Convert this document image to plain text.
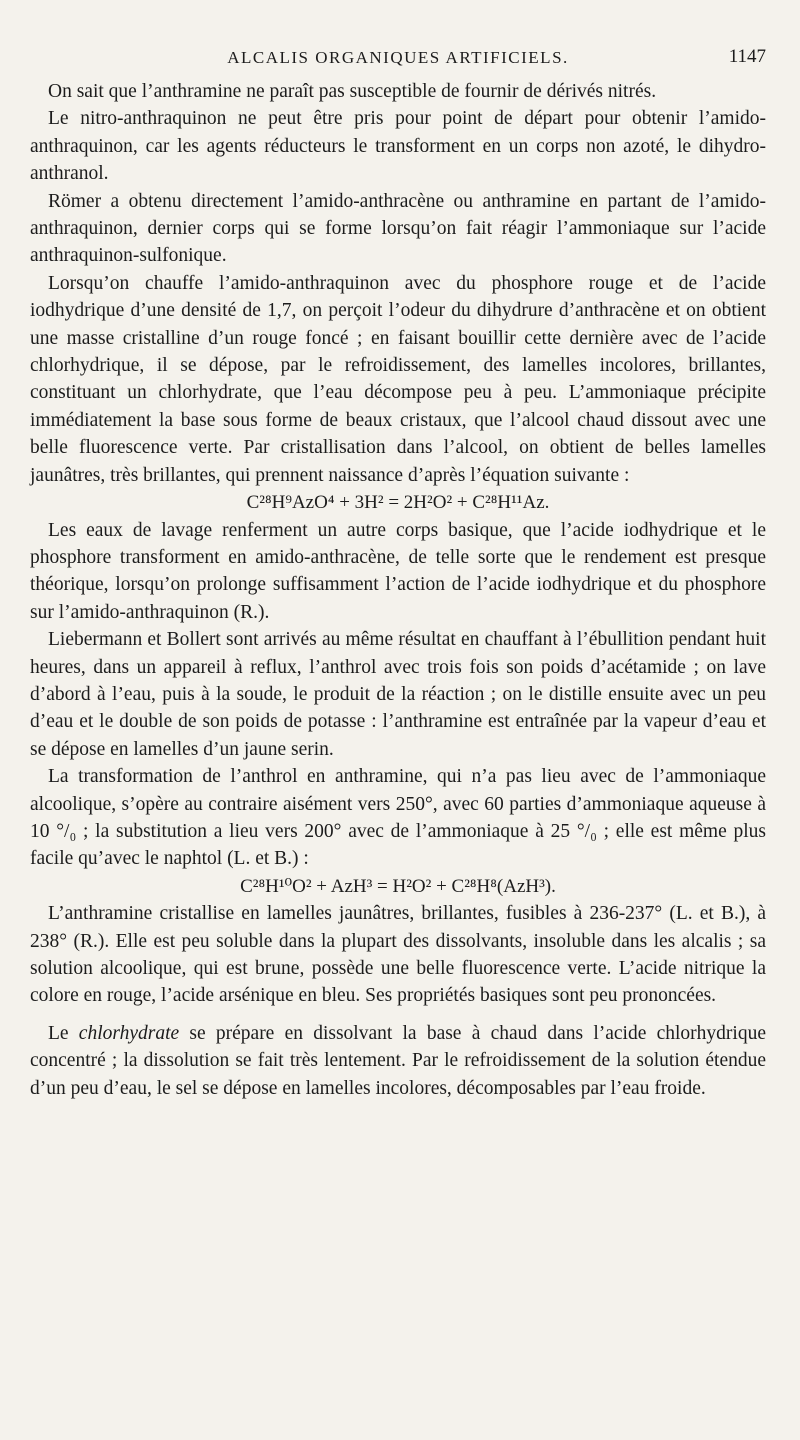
ALCALIS ORGANIQUES ARTIFICIELS.	1147

On sait que l’anthramine ne paraît pas susceptible de fournir de dérivés nitrés.

Le nitro-anthraquinon ne peut être pris pour point de départ pour obtenir l’amido-anthraquinon, car les agents réducteurs le transforment en un corps non azoté, le dihydro-anthranol.

Römer a obtenu directement l’amido-anthracène ou anthramine en partant de l’amido-anthraquinon, dernier corps qui se forme lorsqu’on fait réagir l’ammoniaque sur l’acide anthraquinon-sulfonique.

Lorsqu’on chauffe l’amido-anthraquinon avec du phosphore rouge et de l’acide iodhydrique d’une densité de 1,7, on perçoit l’odeur du dihydrure d’anthracène et on obtient une masse cristalline d’un rouge foncé ; en faisant bouillir cette dernière avec de l’acide chlorhydrique, il se dépose, par le refroidissement, des lamelles incolores, brillantes, constituant un chlorhydrate, que l’eau décompose peu à peu. L’ammoniaque précipite immédiatement la base sous forme de beaux cristaux, que l’alcool chaud dissout avec une belle fluorescence verte. Par cristallisation dans l’alcool, on obtient de belles lamelles jaunâtres, très brillantes, qui prennent naissance d’après l’équation suivante :

C²⁸H⁹AzO⁴ + 3H² = 2H²O² + C²⁸H¹¹Az.

Les eaux de lavage renferment un autre corps basique, que l’acide iodhydrique et le phosphore transforment en amido-anthracène, de telle sorte que le rendement est presque théorique, lorsqu’on prolonge suffisamment l’action de l’acide iodhydrique et du phosphore sur l’amido-anthraquinon (R.).

Liebermann et Bollert sont arrivés au même résultat en chauffant à l’ébullition pendant huit heures, dans un appareil à reflux, l’anthrol avec trois fois son poids d’acétamide ; on lave d’abord à l’eau, puis à la soude, le produit de la réaction ; on le distille ensuite avec un peu d’eau et le double de son poids de potasse : l’anthramine est entraînée par la vapeur d’eau et se dépose en lamelles d’un jaune serin.

La transformation de l’anthrol en anthramine, qui n’a pas lieu avec de l’ammoniaque alcoolique, s’opère au contraire aisément vers 250°, avec 60 parties d’ammoniaque aqueuse à 10 °/₀ ; la substitution a lieu vers 200° avec de l’ammoniaque à 25 °/₀ ; elle est même plus facile qu’avec le naphtol (L. et B.) :

C²⁸H¹⁰O² + AzH³ = H²O² + C²⁸H⁸(AzH³).

L’anthramine cristallise en lamelles jaunâtres, brillantes, fusibles à 236-237° (L. et B.), à 238° (R.). Elle est peu soluble dans la plupart des dissolvants, insoluble dans les alcalis ; sa solution alcoolique, qui est brune, possède une belle fluorescence verte. L’acide nitrique la colore en rouge, l’acide arsénique en bleu. Ses propriétés basiques sont peu prononcées.

Le chlorhydrate se prépare en dissolvant la base à chaud dans l’acide chlorhydrique concentré ; la dissolution se fait très lentement. Par le refroidissement de la solution étendue d’un peu d’eau, le sel se dépose en lamelles incolores, décomposables par l’eau froide.
